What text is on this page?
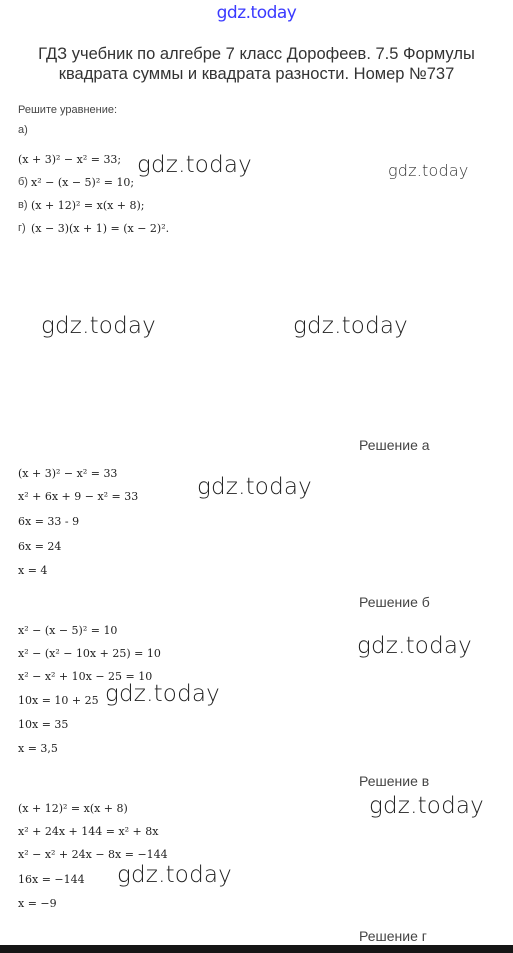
gdz.today
ГДЗ учебник по алгебре 7 класс Дорофеев. 7.5 Формулы квадрата суммы и квадрата разности. Номер №737
Решите уравнение:
а)
(x + 3)² − x² = 33;
б) x² − (x − 5)² = 10;
в) (x + 12)² = x(x + 8);
г) (x − 3)(x + 1) = (x − 2)².
gdz.today	gdz.today
gdz.today	gdz.today
gdz.today
gdz.today
gdz.today
gdz.today
gdz.today
Решение а
(x + 3)² − x² = 33
x² + 6x + 9 − x² = 33
6x = 33 - 9
6x = 24
x = 4
Решение б
x² − (x − 5)² = 10
x² − (x² − 10x + 25) = 10
x² − x² + 10x − 25 = 10
10x = 10 + 25
10x = 35
x = 3,5
Решение в
(x + 12)² = x(x + 8)
x² + 24x + 144 = x² + 8x
x² − x² + 24x − 8x = −144
16x = −144
x = −9
Решение г
